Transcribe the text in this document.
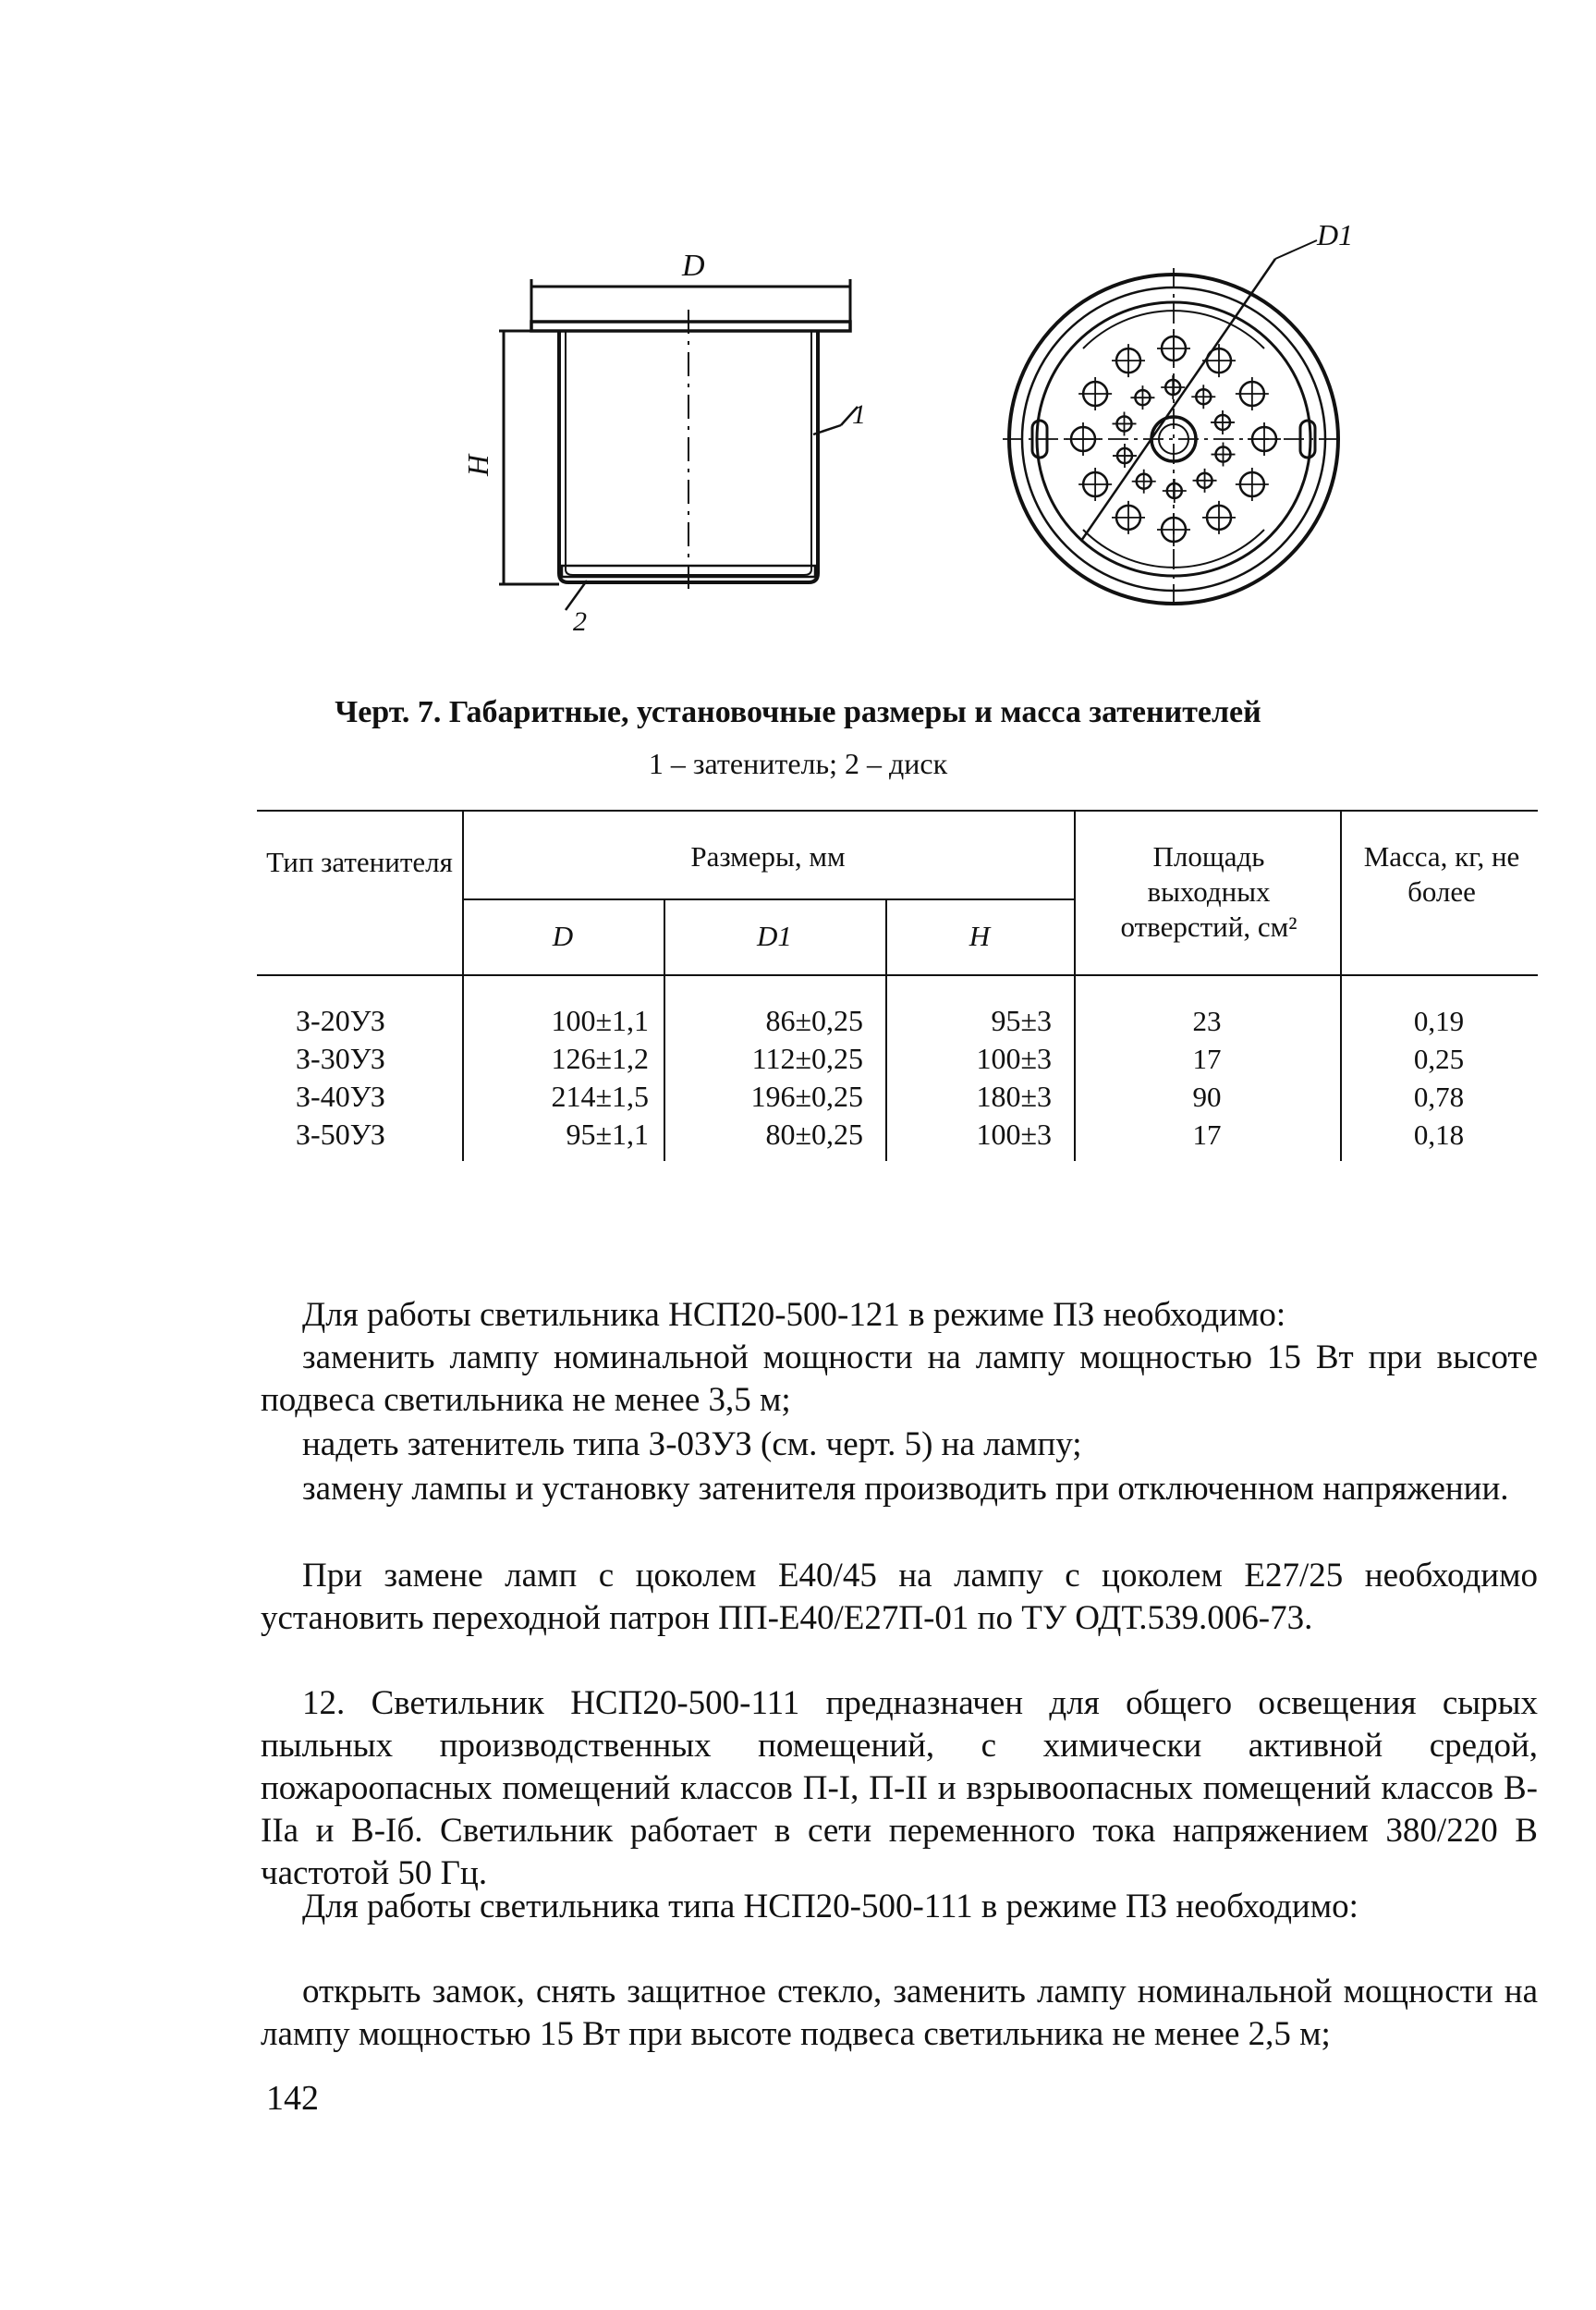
D
H
1
2
D1
Черт. 7. Габаритные, установочные размеры и масса затенителей
1 – затенитель; 2 – диск
Тип затенителя	Размеры, мм
D	D1	H
Площадь выходных отверстий, см²
Масса, кг, не более
З-20УЗ	100±1,1	86±0,25	95±3	23	0,19
З-30УЗ	126±1,2	112±0,25	100±3	17	0,25
З-40УЗ	214±1,5	196±0,25	180±3	90	0,78
З-50УЗ	95±1,1	80±0,25	100±3	17	0,18
Для работы светильника НСП20-500-121 в режиме ПЗ необходимо:
заменить лампу номинальной мощности на лампу мощностью 15 Вт при высоте подвеса светильника не менее 3,5 м;
надеть затенитель типа З-03УЗ (см. черт. 5) на лампу;
замену лампы и установку затенителя производить при отключенном напряжении.
При замене ламп с цоколем Е40/45 на лампу с цоколем Е27/25 необходимо установить переходной патрон ПП-Е40/Е27П-01 по ТУ ОДТ.539.006-73.
12. Светильник НСП20-500-111 предназначен для общего освещения сырых пыльных производственных помещений, с химически активной средой, пожароопасных помещений классов П-I, П-II и взрывоопасных помещений классов В-IIа и В-Iб. Светильник работает в сети переменного тока напряжением 380/220 В частотой 50 Гц.
Для работы светильника типа НСП20-500-111 в режиме ПЗ необходимо:
открыть замок, снять защитное стекло, заменить лампу номинальной мощности на лампу мощностью 15 Вт при высоте подвеса светильника не менее 2,5 м;
142
